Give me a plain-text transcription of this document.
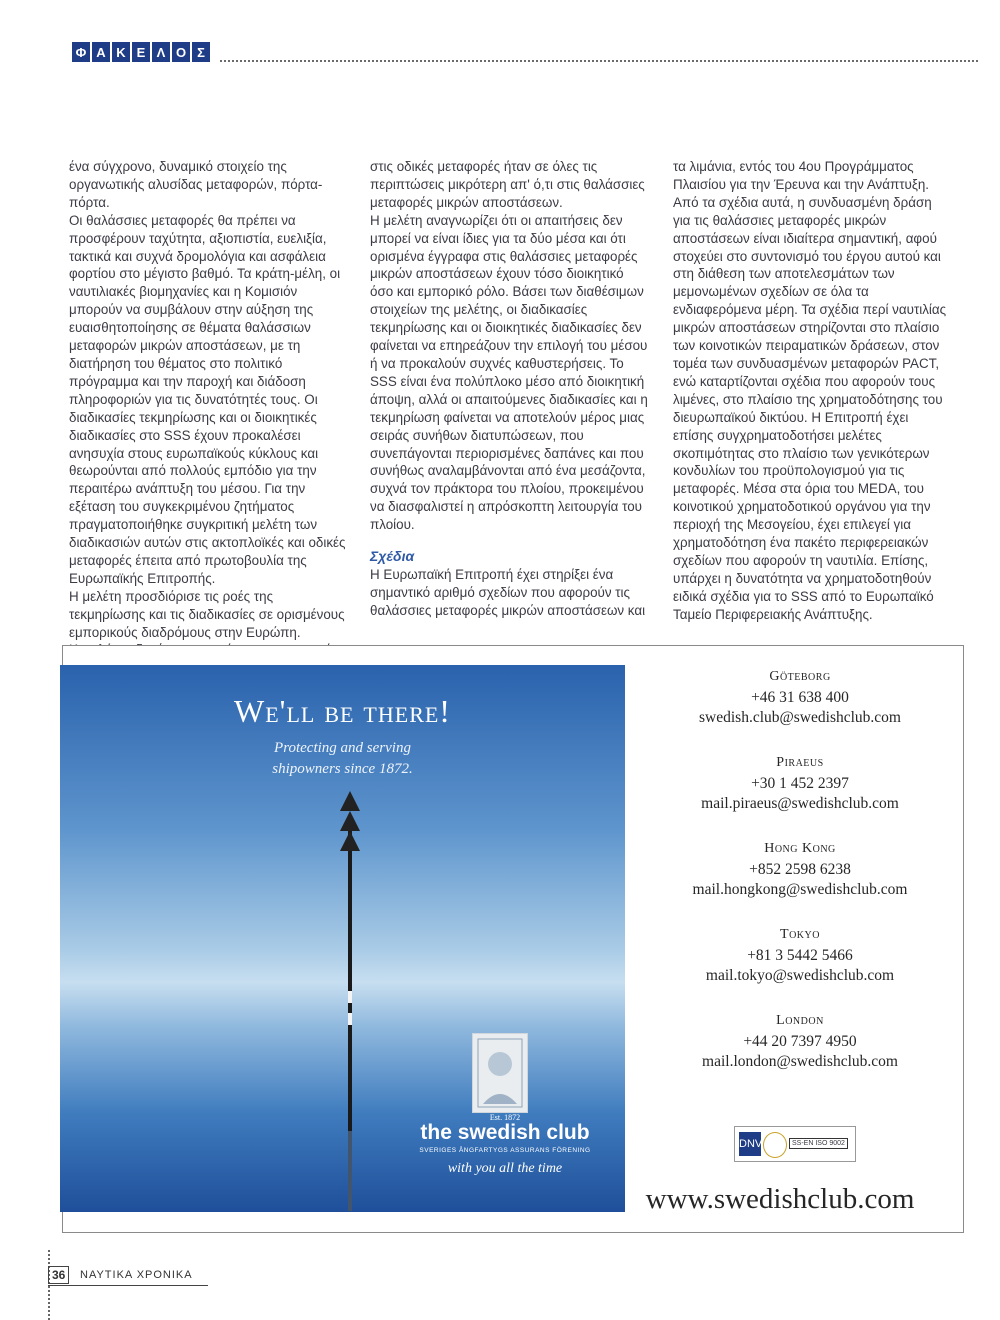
Φ Α Κ Ε Λ Ο Σ

ένα σύγχρονο, δυναμικό στοιχείο της οργανωτικής αλυσίδας μεταφορών, πόρτα-πόρτα.

Οι θαλάσσιες μεταφορές θα πρέπει να προσφέρουν ταχύτητα, αξιοπιστία, ευελιξία, τακτικά και συχνά δρομολόγια και ασφάλεια φορτίου στο μέγιστο βαθμό. Τα κράτη-μέλη, οι ναυτιλιακές βιομηχανίες και η Κομισιόν μπορούν να συμβάλουν στην αύξηση της ευαισθητοποίησης σε θέματα θαλάσσιων μεταφορών μικρών αποστάσεων, με τη διατήρηση του θέματος στο πολιτικό πρόγραμμα και την παροχή και διάδοση πληροφοριών για τις δυνατότητές τους. Οι διαδικασίες τεκμηρίωσης και οι διοικητικές διαδικασίες στο SSS έχουν προκαλέσει ανησυχία στους ευρωπαϊκούς κύκλους και θεωρούνται από πολλούς εμπόδιο για την περαιτέρω ανάπτυξη του μέσου. Για την εξέταση του συγκεκριμένου ζητήματος πραγματοποιήθηκε συγκριτική μελέτη των διαδικασιών αυτών στις ακτοπλοϊκές και οδικές μεταφορές έπειτα από πρωτοβουλία της Ευρωπαϊκής Επιτροπής.

Η μελέτη προσδιόρισε τις ροές της τεκμηρίωσης και τις διαδικασίες σε ορισμένους εμπορικούς διαδρόμους στην Ευρώπη.

στις οδικές μεταφορές ήταν σε όλες τις περιπτώσεις μικρότερη απ' ό,τι στις θαλάσσιες μεταφορές μικρών αποστάσεων.

Η μελέτη αναγνωρίζει ότι οι απαιτήσεις δεν μπορεί να είναι ίδιες για τα δύο μέσα και ότι ορισμένα έγγραφα στις θαλάσσιες μεταφορές μικρών αποστάσεων έχουν τόσο διοικητικό όσο και εμπορικό ρόλο. Βάσει των διαθέσιμων στοιχείων της μελέτης, οι διαδικασίες τεκμηρίωσης και οι διοικητικές διαδικασίες δεν φαίνεται να επηρεάζουν την επιλογή του μέσου ή να προκαλούν συχνές καθυστερήσεις. Το SSS είναι ένα πολύπλοκο μέσο από διοικητική άποψη, αλλά οι απαιτούμενες διαδικασίες και η τεκμηρίωση φαίνεται να αποτελούν μέρος μιας σειράς συνήθων διατυπώσεων, που συνεπάγονται περιορισμένες δαπάνες και που συνήθως αναλαμβάνονται από ένα μεσάζοντα, συχνά τον πράκτορα του πλοίου, προκειμένου να διασφαλιστεί η απρόσκοπτη λειτουργία του πλοίου.

Σχέδια

Η Ευρωπαϊκή Επιτροπή έχει στηρίξει ένα σημαντικό αριθμό σχεδίων που αφορούν τις θαλάσσιες μεταφορές μικρών αποστάσεων και

τα λιμάνια, εντός του 4ου Προγράμματος Πλαισίου για την Έρευνα και την Ανάπτυξη. Από τα σχέδια αυτά, η συνδυασμένη δράση για τις θαλάσσιες μεταφορές μικρών αποστάσεων είναι ιδιαίτερα σημαντική, αφού στοχεύει στο συντονισμό του έργου αυτού και στη διάθεση των αποτελεσμάτων των μεμονωμένων σχεδίων σε όλα τα ενδιαφερόμενα μέρη. Τα σχέδια περί ναυτιλίας μικρών αποστάσεων στηρίζονται στο πλαίσιο των κοινοτικών πειραματικών δράσεων, στον τομέα των συνδυασμένων μεταφορών PACT, ενώ καταρτίζονται σχέδια που αφορούν τους λιμένες, στο πλαίσιο της χρηματοδότησης του διευρωπαϊκού δικτύου. Η Επιτροπή έχει επίσης συγχρηματοδοτήσει μελέτες σκοπιμότητας στο πλαίσιο των γενικότερων κονδυλίων του προϋπολογισμού για τις μεταφορές. Μέσα στα όρια του MEDA, του κοινοτικού χρηματοδοτικού οργάνου για την περιοχή της Μεσογείου, έχει επιλεγεί για χρηματοδότηση ένα πακέτο περιφερειακών σχεδίων που αφορούν τη ναυτιλία. Επίσης, υπάρχει η δυνατότητα να χρηματοδοτηθούν ειδικά σχέδια για το SSS από το Ευρωπαϊκό Ταμείο Περιφερειακής Ανάπτυξης.

We'll be there!
Protecting and serving
shipowners since 1872.
Est. 1872
the swedish club
SVERIGES ÅNGFARTYGS ASSURANS FÖRENING
with you all the time
Göteborg
+46 31 638 400
swedish.club@swedishclub.com
Piraeus
+30 1 452 2397
mail.piraeus@swedishclub.com
Hong Kong
+852 2598 6238
mail.hongkong@swedishclub.com
Tokyo
+81 3 5442 5466
mail.tokyo@swedishclub.com
London
+44 20 7397 4950
mail.london@swedishclub.com
DNV	SS-EN ISO 9002
www.swedishclub.com
36	ΝΑΥΤΙΚΑ ΧΡΟΝΙΚΑ
